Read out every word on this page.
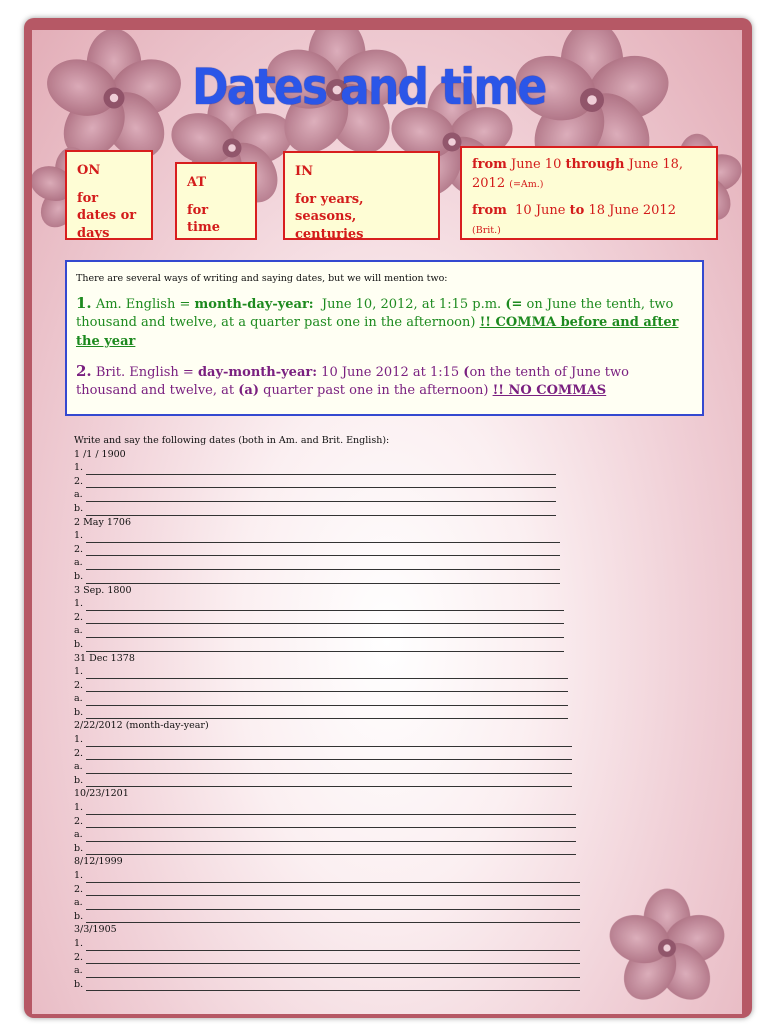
Dates and time
ON
for dates or days
AT
for time
IN
for years, seasons, centuries
from June 10 through June 18, 2012 (=Am.)
from 10 June to 18 June 2012 (Brit.)
There are several ways of writing and saying dates, but we will mention two:
1. Am. English = month-day-year: June 10, 2012, at 1:15 p.m. (= on June the tenth, two thousand and twelve, at a quarter past one in the afternoon) !! COMMA before and after the year
2. Brit. English = day-month-year: 10 June 2012 at 1:15 (on the tenth of June two thousand and twelve, at (a) quarter past one in the afternoon) !! NO COMMAS
Write and say the following dates (both in Am. and Brit. English):
1 /1 / 1900
1.
2.
a.
b.
2 May 1706
1.
2.
a.
b.
3 Sep. 1800
1.
2.
a.
b.
31 Dec 1378
1.
2.
a.
b.
2/22/2012 (month-day-year)
1.
2.
a.
b.
10/23/1201
1.
2.
a.
b.
8/12/1999
1.
2.
a.
b.
3/3/1905
1.
2.
a.
b.
